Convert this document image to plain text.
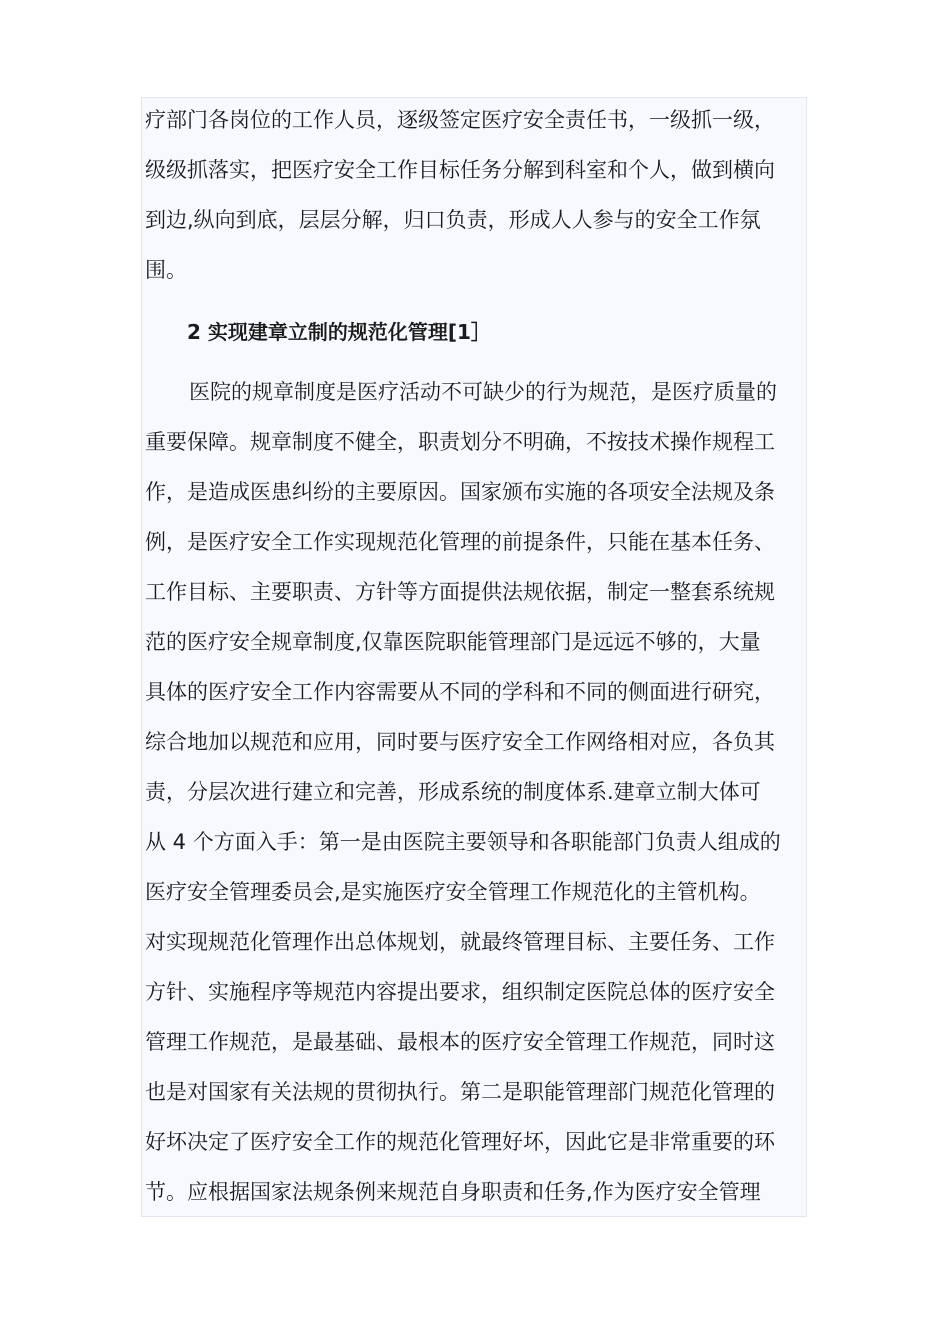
疗部门各岗位的工作人员，逐级签定医疗安全责任书，一级抓一级，
级级抓落实，把医疗安全工作目标任务分解到科室和个人，做到横向
到边,纵向到底，层层分解，归口负责，形成人人参与的安全工作氛
围。
2 实现建章立制的规范化管理[1］
医院的规章制度是医疗活动不可缺少的行为规范，是医疗质量的
重要保障。规章制度不健全，职责划分不明确，不按技术操作规程工
作，是造成医患纠纷的主要原因。国家颁布实施的各项安全法规及条
例，是医疗安全工作实现规范化管理的前提条件，只能在基本任务、
工作目标、主要职责、方针等方面提供法规依据，制定一整套系统规
范的医疗安全规章制度,仅靠医院职能管理部门是远远不够的，大量
具体的医疗安全工作内容需要从不同的学科和不同的侧面进行研究，
综合地加以规范和应用，同时要与医疗安全工作网络相对应，各负其
责，分层次进行建立和完善，形成系统的制度体系.建章立制大体可
从 4 个方面入手：第一是由医院主要领导和各职能部门负责人组成的
医疗安全管理委员会,是实施医疗安全管理工作规范化的主管机构。
对实现规范化管理作出总体规划，就最终管理目标、主要任务、工作
方针、实施程序等规范内容提出要求，组织制定医院总体的医疗安全
管理工作规范，是最基础、最根本的医疗安全管理工作规范，同时这
也是对国家有关法规的贯彻执行。第二是职能管理部门规范化管理的
好坏决定了医疗安全工作的规范化管理好坏，因此它是非常重要的环
节。应根据国家法规条例来规范自身职责和任务,作为医疗安全管理
